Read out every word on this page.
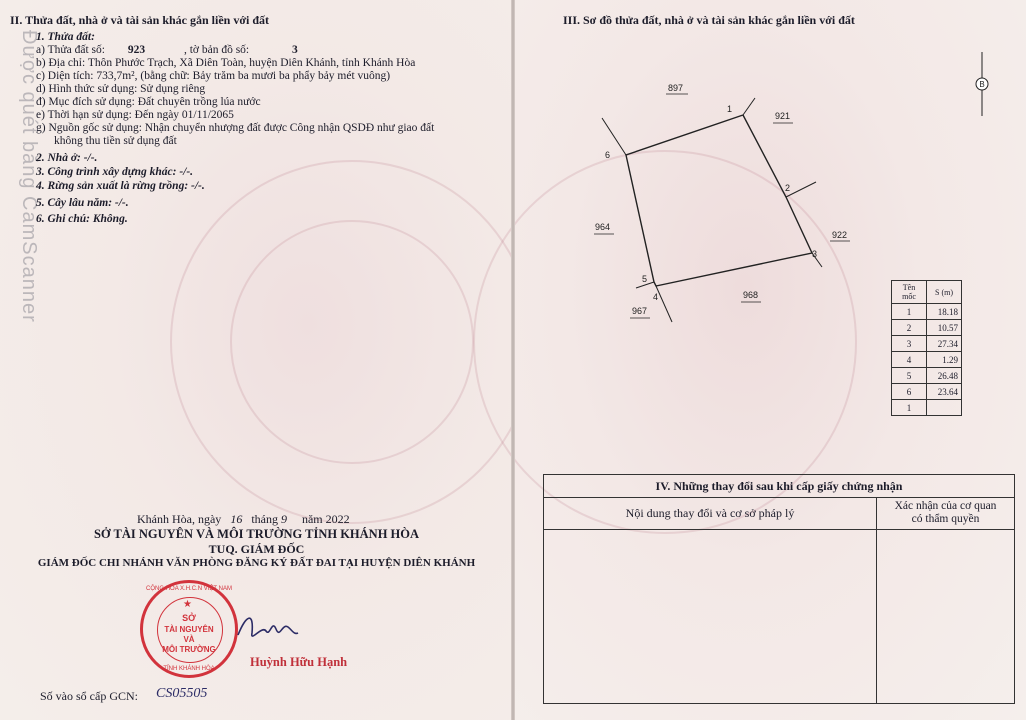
Được quét bằng CamScanner
II. Thửa đất, nhà ở và tài sản khác gắn liền với đất
1. Thửa đất:
a) Thửa đất số: 923	, tờ bản đồ số:	3
b) Địa chỉ: Thôn Phước Trạch, Xã Diên Toàn, huyện Diên Khánh, tỉnh Khánh Hòa
c) Diện tích: 733,7m², (bằng chữ: Bảy trăm ba mươi ba phẩy bảy mét vuông)
d) Hình thức sử dụng: Sử dụng riêng
đ) Mục đích sử dụng: Đất chuyên trồng lúa nước
e) Thời hạn sử dụng: Đến ngày 01/11/2065
g) Nguồn gốc sử dụng: Nhận chuyển nhượng đất được Công nhận QSDĐ như giao đất
không thu tiền sử dụng đất
2. Nhà ở: -/-.
3. Công trình xây dựng khác: -/-.
4. Rừng sản xuất là rừng trồng: -/-.
5. Cây lâu năm: -/-.
6. Ghi chú: Không.
Khánh Hòa, ngày 16 tháng 9 năm 2022
SỞ TÀI NGUYÊN VÀ MÔI TRƯỜNG TỈNH KHÁNH HÒA
TUQ. GIÁM ĐỐC
GIÁM ĐỐC CHI NHÁNH VĂN PHÒNG ĐĂNG KÝ ĐẤT ĐAI TẠI HUYỆN DIÊN KHÁNH
CỘNG HÒA X.H.C.N VIỆT NAM
★
SỞ
TÀI NGUYÊN
VÀ
MÔI TRƯỜNG
TỈNH KHÁNH HÒA	Huỳnh Hữu Hạnh
Số vào sổ cấp GCN: CS05505
III. Sơ đồ thửa đất, nhà ở và tài sản khác gắn liền với đất
897
921
964
922
968
967
1
2
3
4
5
6
B
Tên mốc	S (m)
1	18.18
2	10.57
3	27.34
4	1.29
5	26.48
6	23.64
1	
IV. Những thay đổi sau khi cấp giấy chứng nhận
Nội dung thay đổi và cơ sở pháp lý	Xác nhận của cơ quan
có thẩm quyền
